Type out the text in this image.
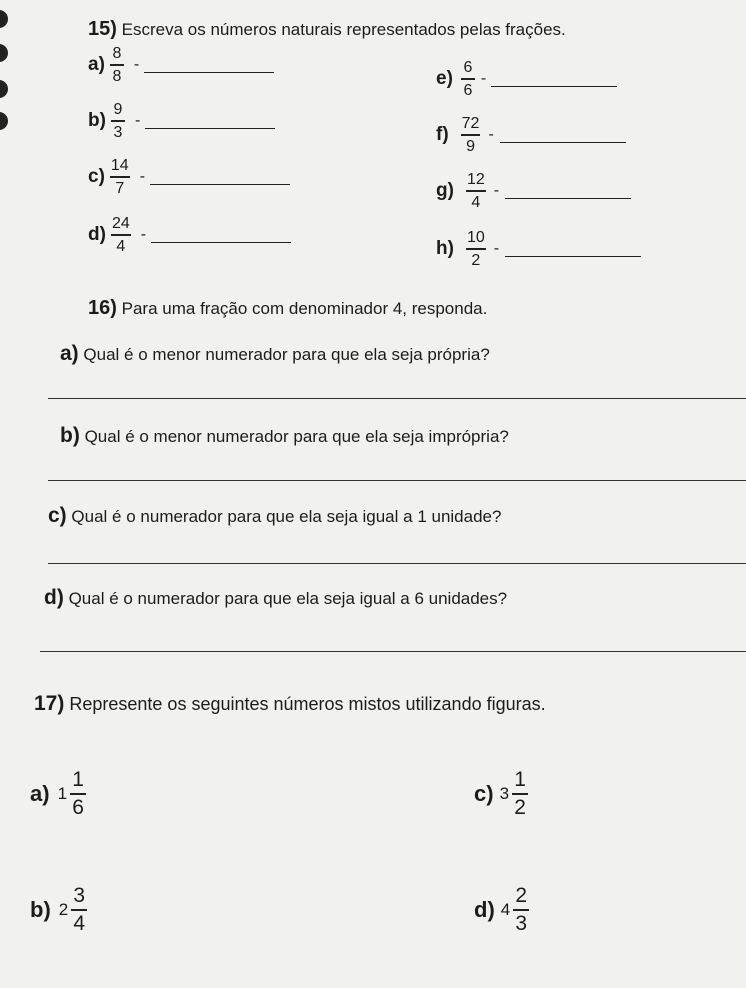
15) Escreva os números naturais representados pelas frações.
$a) \frac{8}{8}$ -
$b) \frac{9}{3}$ -
$c) \frac{14}{7}$ -
$d) \frac{24}{4}$ -
$e) \frac{6}{6}$ -
$f) \frac{72}{9}$ -
$g) \frac{12}{4}$ -
$h) \frac{10}{2}$ -
16) Para uma fração com denominador 4, responda.
a) Qual é o menor numerador para que ela seja própria?
b) Qual é o menor numerador para que ela seja imprópria?
c) Qual é o numerador para que ela seja igual a 1 unidade?
d) Qual é o numerador para que ela seja igual a 6 unidades?
17) Represente os seguintes números mistos utilizando figuras.
a) $1 \frac{1}{6}$	c) $3 \frac{1}{2}$
b) $2 \frac{3}{4}$	d) $4 \frac{2}{3}$
